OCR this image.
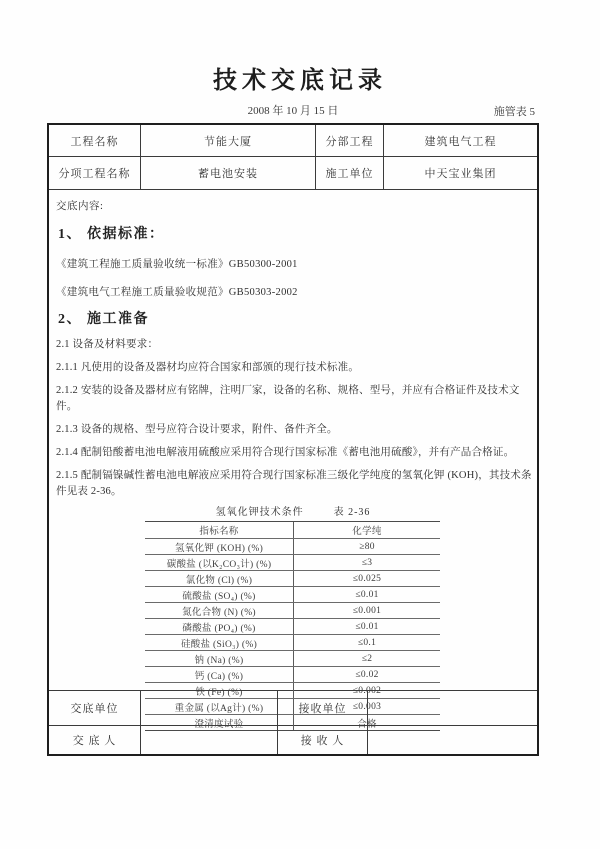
技术交底记录
2008 年 10 月 15 日	施管表 5
工程名称	节能大厦	分部工程	建筑电气工程
分项工程名称	蓄电池安装	施工单位	中天宝业集团
交底内容:
1、 依据标准：

《建筑工程施工质量验收统一标准》GB50300-2001

《建筑电气工程施工质量验收规范》GB50303-2002

2、 施工准备

2.1 设备及材料要求：

2.1.1 凡使用的设备及器材均应符合国家和部颁的现行技术标准。

2.1.2 安装的设备及器材应有铭牌，注明厂家，设备的名称、规格、型号，并应有合格证件及技术文件。

2.1.3 设备的规格、型号应符合设计要求，附件、备件齐全。

2.1.4 配制铅酸蓄电池电解液用硫酸应采用符合现行国家标准《蓄电池用硫酸》，并有产品合格证。

2.1.5 配制镉镍碱性蓄电池电解液应采用符合现行国家标准三级化学纯度的氢氧化钾 (KOH)，其技术条件见表 2-36。

氢氧化钾技术条件	表 2-36
指标名称	化学纯
氢氧化钾 (KOH) (%)	≥80
碳酸盐 (以K₂CO₃计) (%)	≤3
氯化物 (Cl) (%)	≤0.025
硫酸盐 (SO₄) (%)	≤0.01
氮化合物 (N) (%)	≤0.001
磷酸盐 (PO₄) (%)	≤0.01
硅酸盐 (SiO₃) (%)	≤0.1
钠 (Na) (%)	≤2
钙 (Ca) (%)	≤0.02
铁 (Fe) (%)	≤0.002
重金属 (以Ag计) (%)	≤0.003
澄清度试验	合格
交底单位	接收单位
交 底 人	接 收 人
